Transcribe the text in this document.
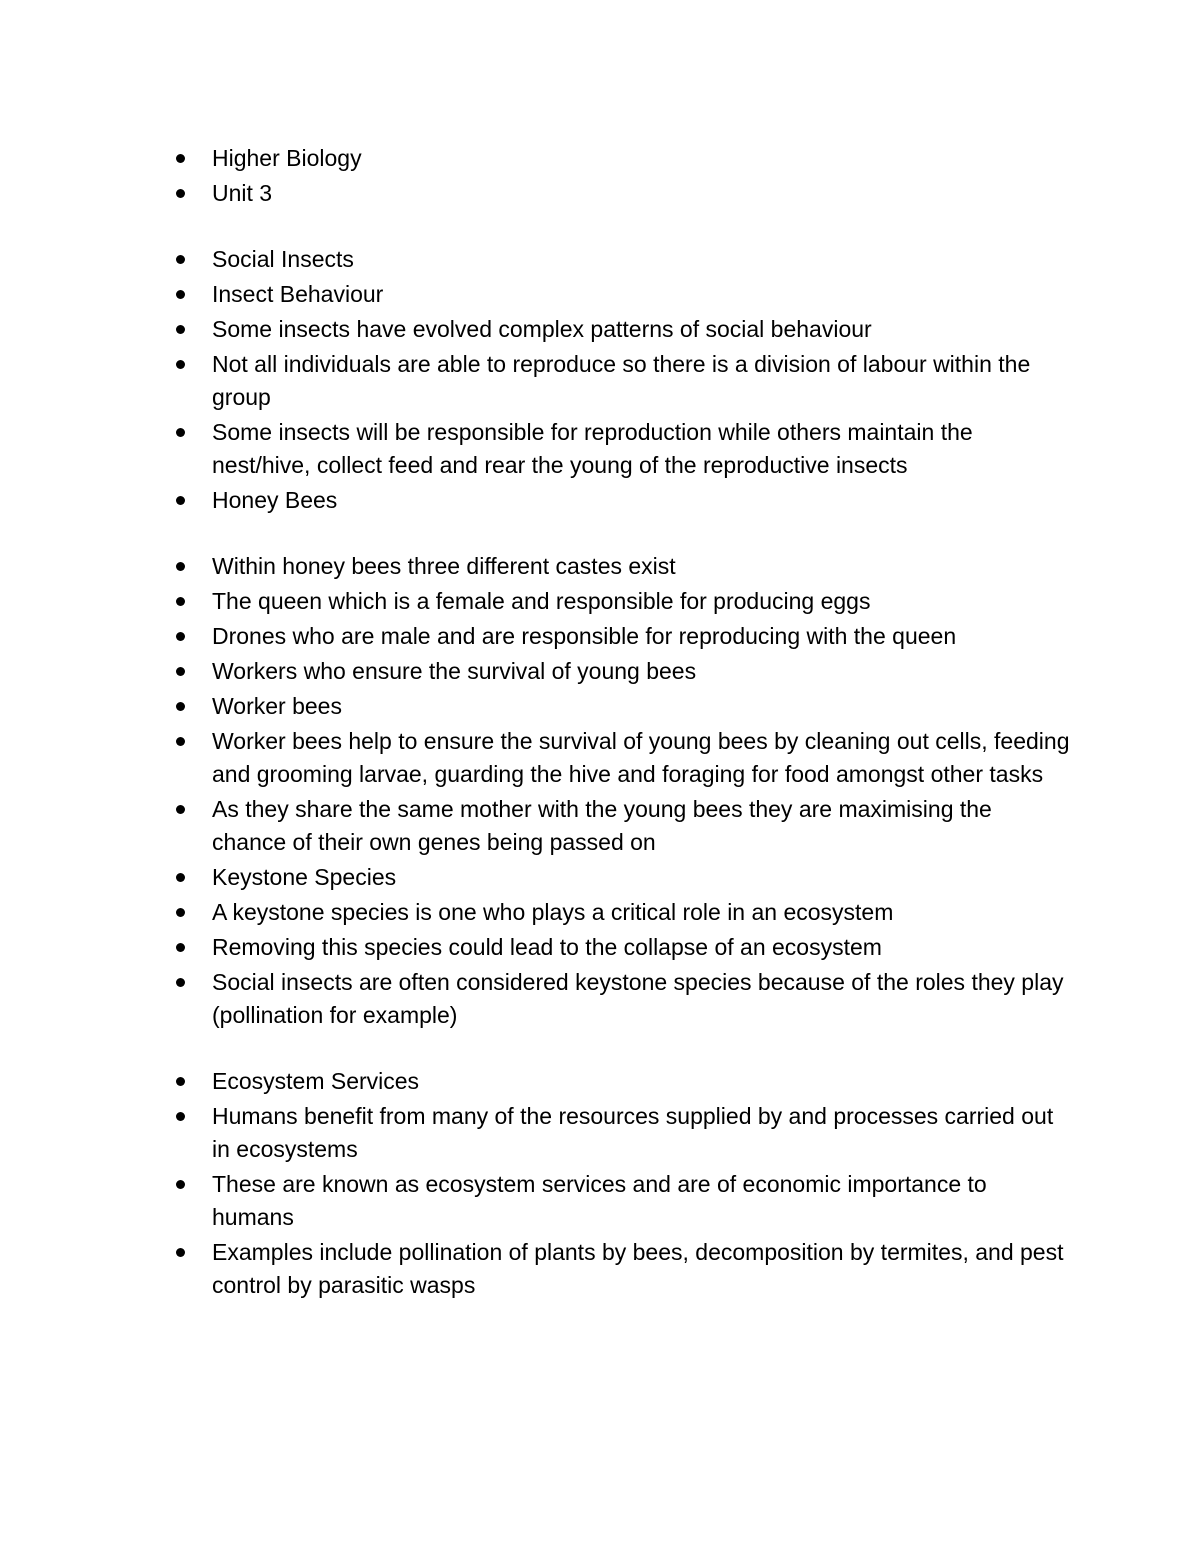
Higher Biology
Unit 3
Social Insects
Insect Behaviour
Some insects have evolved complex patterns of social behaviour
Not all individuals are able to reproduce so there is a division of labour within the group
Some insects will be responsible for reproduction while others maintain the nest/hive, collect feed and rear the young of the reproductive insects
Honey Bees
Within honey bees three different castes exist
The queen which is a female and responsible for producing eggs
Drones who are male and are responsible for reproducing with the queen
Workers who ensure the survival of young bees
Worker bees
Worker bees help to ensure the survival of young bees by cleaning out cells, feeding and grooming larvae, guarding the hive and foraging for food amongst other tasks
As they share the same mother with the young bees they are maximising the chance of their own genes being passed on
Keystone Species
A keystone species is one who plays a critical role in an ecosystem
Removing this species could lead to the collapse of an ecosystem
Social insects are often considered keystone species because of the roles they play (pollination for example)
Ecosystem Services
Humans benefit from many of the resources supplied by and processes carried out in ecosystems
These are known as ecosystem services and are of economic importance to humans
Examples include pollination of plants by bees, decomposition by termites, and pest control by parasitic wasps
